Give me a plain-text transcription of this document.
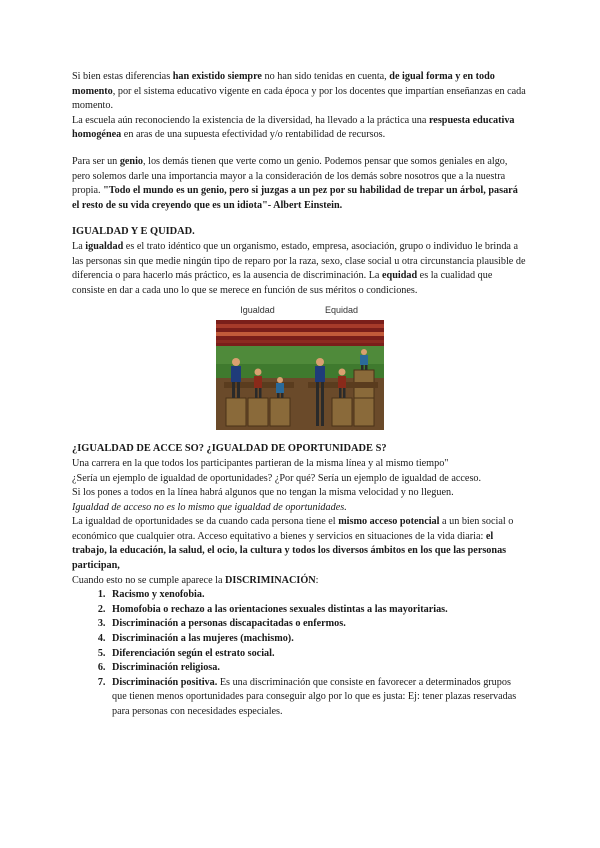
Si bien estas diferencias han existido siempre no han sido tenidas en cuenta, de igual forma y en todo momento, por el sistema educativo vigente en cada época y por los docentes que impartían enseñanzas en cada momento.

La escuela aún reconociendo la existencia de la diversidad, ha llevado a la práctica una respuesta educativa homogénea en aras de una supuesta efectividad y/o rentabilidad de recursos.

Para ser un genio, los demás tienen que verte como un genio. Podemos pensar que somos geniales en algo, pero solemos darle una importancia mayor a la consideración de los demás sobre nosotros que a la nuestra propia. "Todo el mundo es un genio, pero si juzgas a un pez por su habilidad de trepar un árbol, pasará el resto de su vida creyendo que es un idiota"- Albert Einstein.

IGUALDAD Y E QUIDAD.

La igualdad es el trato idéntico que un organismo, estado, empresa, asociación, grupo o individuo le brinda a las personas sin que medie ningún tipo de reparo por la raza, sexo, clase social u otra circunstancia plausible de diferencia o para hacerlo más práctico, es la ausencia de discriminación. La equidad es la cualidad que consiste en dar a cada uno lo que se merece en función de sus méritos o condiciones.

Igualdad	Equidad
¿IGUALDAD DE ACCE SO? ¿IGUALDAD DE OPORTUNIDADE S?

Una carrera en la que todos los participantes partieran de la misma línea y al mismo tiempo"

¿Sería un ejemplo de igualdad de oportunidades? ¿Por qué? Sería un ejemplo de igualdad de acceso.

Si los pones a todos en la línea habrá algunos que no tengan la misma velocidad y no lleguen.

Igualdad de acceso no es lo mismo que igualdad de oportunidades.

La igualdad de oportunidades se da cuando cada persona tiene el mismo acceso potencial a un bien social o económico que cualquier otra. Acceso equitativo a bienes y servicios en situaciones de la vida diaria: el trabajo, la educación, la salud, el ocio, la cultura y todos los diversos ámbitos en los que las personas participan,

Cuando esto no se cumple aparece la DISCRIMINACIÓN:

1. Racismo y xenofobia.
2. Homofobia o rechazo a las orientaciones sexuales distintas a las mayoritarias.
3. Discriminación a personas discapacitadas o enfermos.
4. Discriminación a las mujeres (machismo).
5. Diferenciación según el estrato social.
6. Discriminación religiosa.
7. Discriminación positiva. Es una discriminación que consiste en favorecer a determinados grupos que tienen menos oportunidades para conseguir algo por lo que es justa: Ej: tener plazas reservadas para personas con necesidades especiales.
